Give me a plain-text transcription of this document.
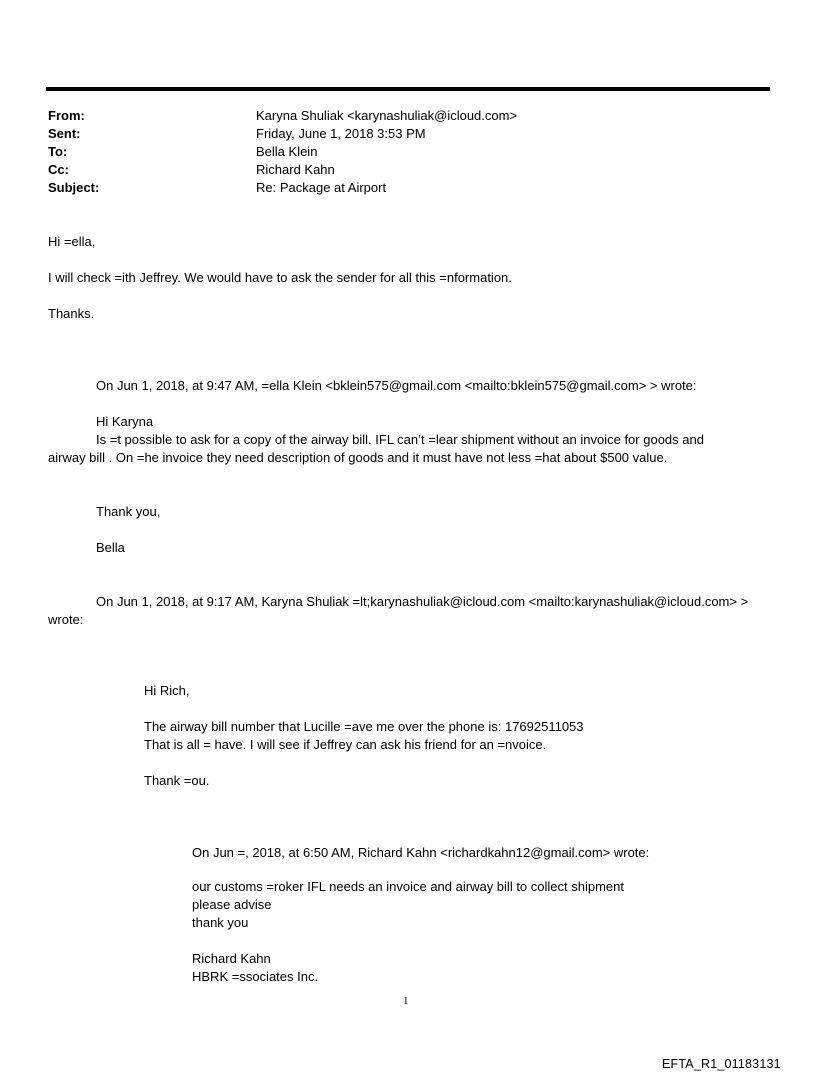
From:	Karyna Shuliak <karynashuliak@icloud.com>
Sent:	Friday, June 1, 2018 3:53 PM
To:	Bella Klein
Cc:	Richard Kahn
Subject:	Re: Package at Airport
Hi =ella,
I will check =ith Jeffrey. We would have to ask the sender for all this =nformation.
Thanks.
On Jun 1, 2018, at 9:47 AM, =ella Klein <bklein575@gmail.com <mailto:bklein575@gmail.com> > wrote:
Hi Karyna
Is =t possible to ask for a copy of the airway bill. IFL can’t =lear shipment without an invoice for goods and
airway bill . On =he invoice they need description of goods and it must have not less =hat about $500 value.
Thank you,
Bella
On Jun 1, 2018, at 9:17 AM, Karyna Shuliak =lt;karynashuliak@icloud.com <mailto:karynashuliak@icloud.com> >
wrote:
Hi Rich,
The airway bill number that Lucille =ave me over the phone is: 17692511053
That is all = have. I will see if Jeffrey can ask his friend for an =nvoice.
Thank =ou.
On Jun =, 2018, at 6:50 AM, Richard Kahn <richardkahn12@gmail.com> wrote:
our customs =roker IFL needs an invoice and airway bill to collect shipment
please advise
thank you
Richard Kahn
HBRK =ssociates Inc.
1
EFTA_R1_01183131
